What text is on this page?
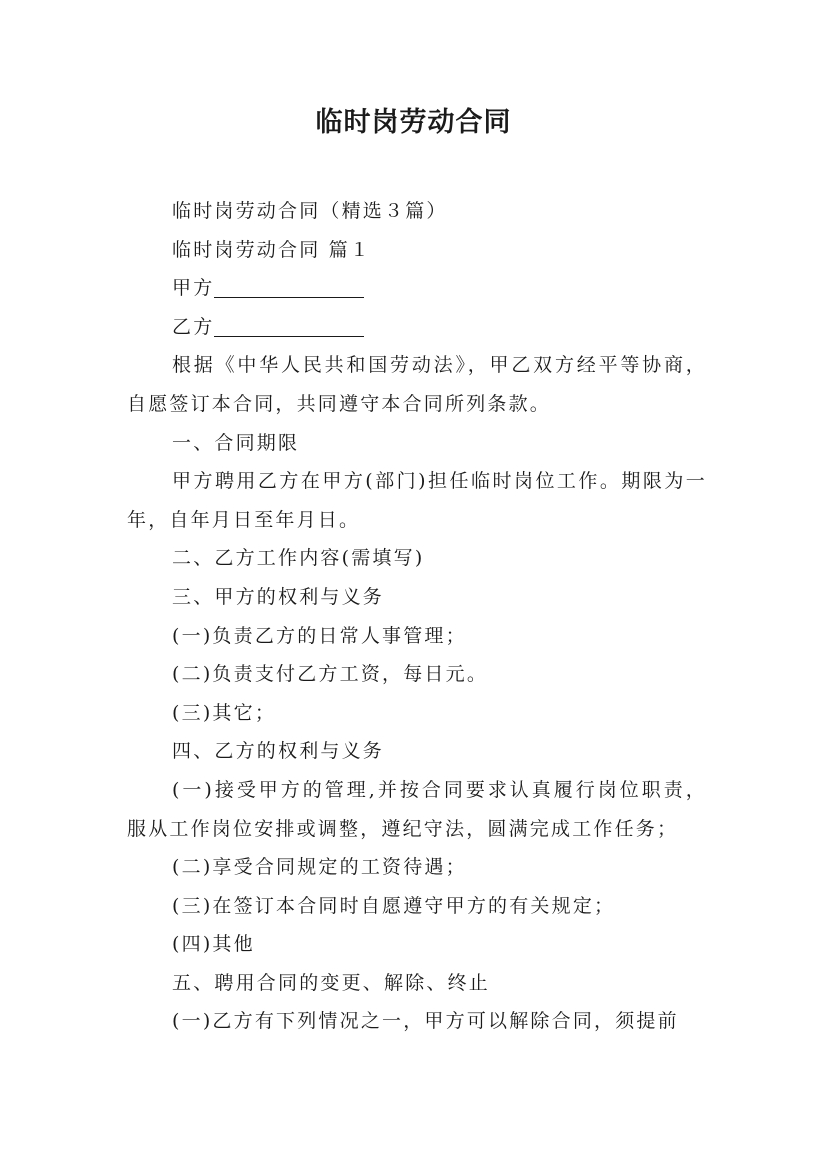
临时岗劳动合同

临时岗劳动合同（精选３篇）

临时岗劳动合同 篇１

甲方

乙方

根据《中华人民共和国劳动法》，甲乙双方经平等协商，自愿签订本合同，共同遵守本合同所列条款。

一、合同期限

甲方聘用乙方在甲方(部门)担任临时岗位工作。期限为一年，自年月日至年月日。

二、乙方工作内容(需填写)

三、甲方的权利与义务

(一)负责乙方的日常人事管理；

(二)负责支付乙方工资，每日元。

(三)其它；

四、乙方的权利与义务

(一)接受甲方的管理,并按合同要求认真履行岗位职责，服从工作岗位安排或调整，遵纪守法，圆满完成工作任务；

(二)享受合同规定的工资待遇；

(三)在签订本合同时自愿遵守甲方的有关规定；

(四)其他

五、聘用合同的变更、解除、终止

(一)乙方有下列情况之一，甲方可以解除合同，须提前
